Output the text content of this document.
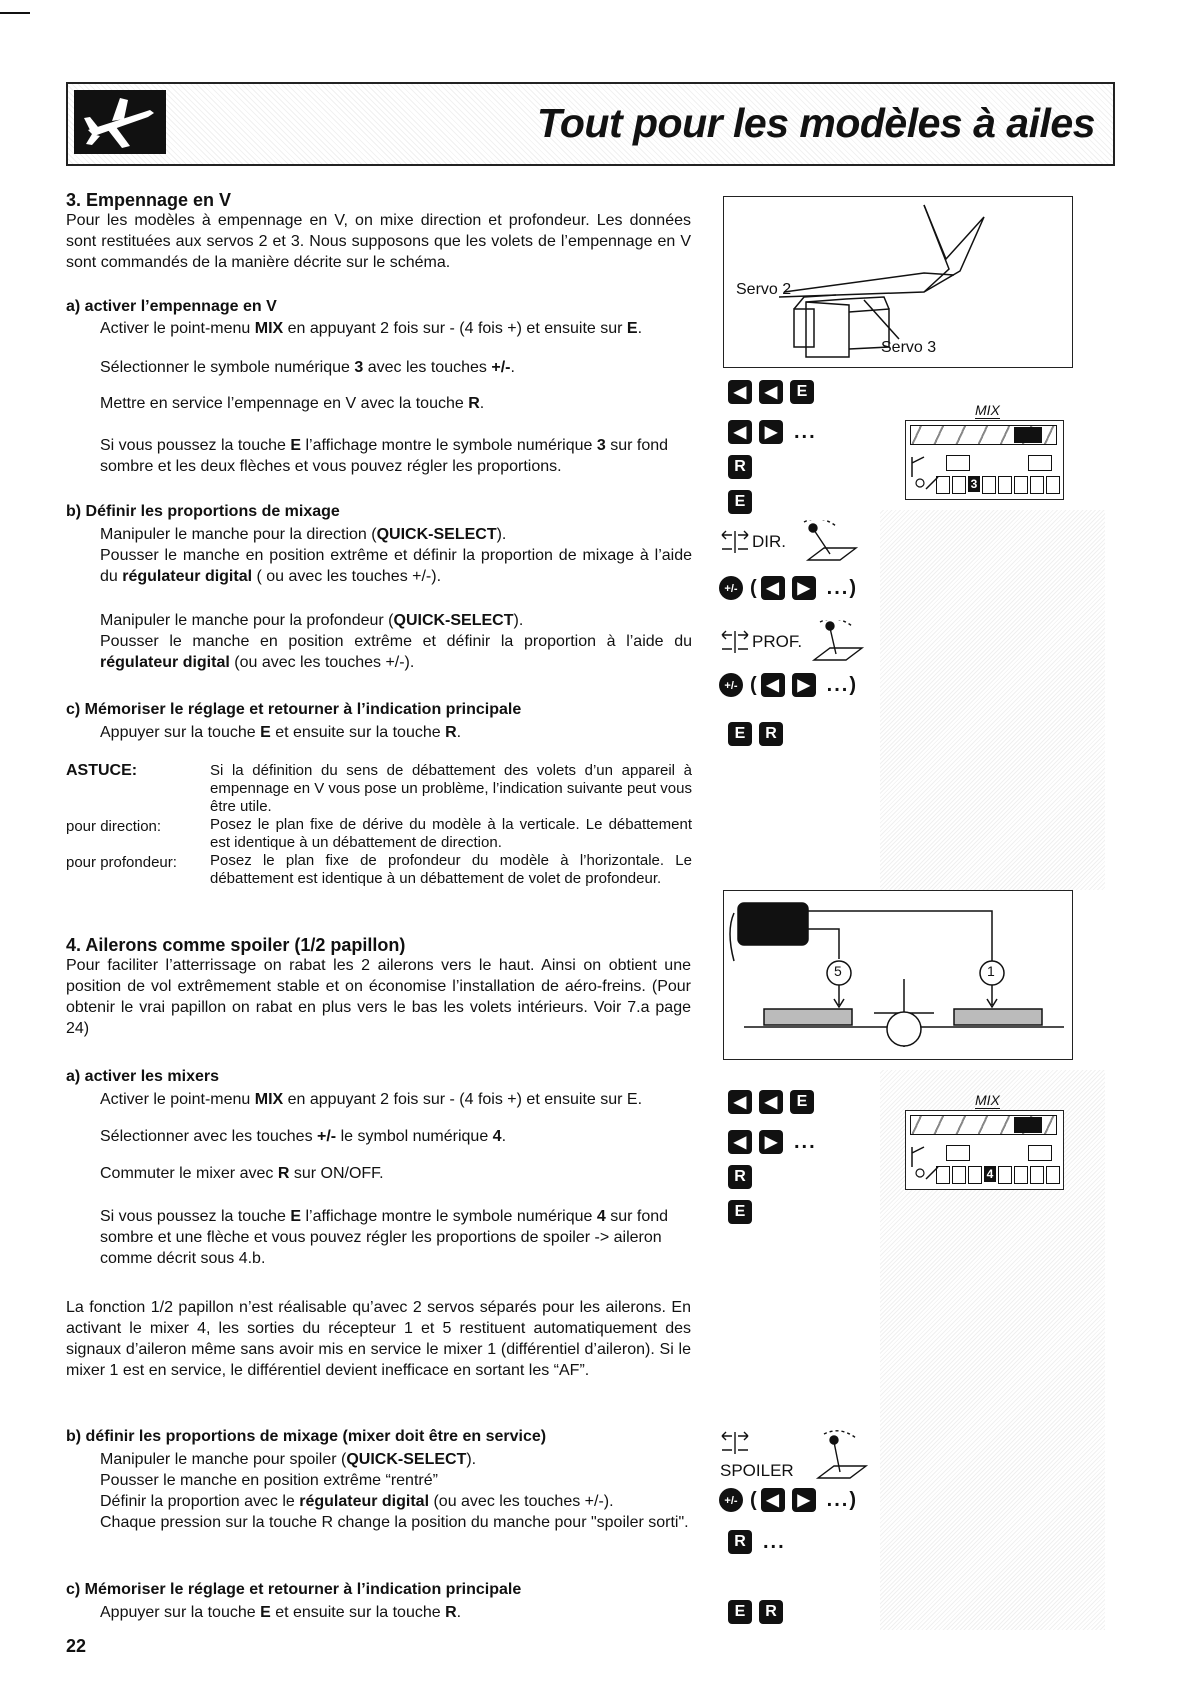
Tout pour les modèles à ailes
3. Empennage en V
Pour les modèles à empennage en V, on mixe direction et profondeur. Les données sont restituées aux servos 2 et 3. Nous supposons que les volets de l’empennage en V sont commandés de la manière décrite sur le schéma.
a) activer l’empennage en V
Activer le point-menu MIX en appuyant 2 fois sur - (4 fois +) et ensuite sur E.
Sélectionner le symbole numérique 3 avec les touches +/-.
Mettre en service l’empennage en V avec la touche R.
Si vous poussez la touche E l’affichage montre le symbole numérique 3 sur fond sombre et les deux flèches et vous pouvez régler les proportions.
b) Définir les proportions de mixage
Manipuler le manche pour la direction (QUICK-SELECT).
Pousser le manche en position extrême et définir la proportion de mixage à l’aide du régulateur digital ( ou avec les touches +/-).
Manipuler le manche pour la profondeur (QUICK-SELECT).
Pousser le manche en position extrême et définir la proportion à l’aide du régulateur digital (ou avec les touches +/-).
c) Mémoriser le réglage et retourner à l’indication principale
Appuyer sur la touche E et ensuite sur la touche R.
ASTUCE:	Si la définition du sens de débattement des volets d’un appareil à empennage en V vous pose un problème, l’indication suivante peut vous être utile.
pour direction:	Posez le plan fixe de dérive du modèle à la verticale. Le débattement est identique à un débattement de direction.
pour profondeur: Posez le plan fixe de profondeur du modèle à l’horizontale. Le débattement est identique à un débattement de volet de profondeur.
4. Ailerons comme spoiler (1/2 papillon)
Pour faciliter l’atterrissage on rabat les 2 ailerons vers le haut. Ainsi on obtient une position de vol extrêmement stable et on économise l’installation de aéro-freins. (Pour obtenir le vrai papillon on rabat en plus vers le bas les volets intérieurs. Voir 7.a page 24)
a) activer les mixers
Activer le point-menu MIX en appuyant 2 fois sur - (4 fois +) et ensuite sur E.
Sélectionner avec les touches +/- le symbol numérique 4.
Commuter le mixer avec R sur ON/OFF.
Si vous poussez la touche E l’affichage montre le symbole numérique 4 sur fond sombre et une flèche et vous pouvez régler les proportions de spoiler -> aileron comme décrit sous 4.b.
La fonction 1/2 papillon n’est réalisable qu’avec 2 servos séparés pour les ailerons. En activant le mixer 4, les sorties du récepteur 1 et 5 restituent automatiquement des signaux d’aileron même sans avoir mis en service le mixer 1 (différentiel d’aileron). Si le mixer 1 est en service, le différentiel devient inefficace en sortant les “AF”.
b) définir les proportions de mixage (mixer doit être en service)
Manipuler le manche pour spoiler (QUICK-SELECT).
Pousser le manche en position extrême “rentré”
Définir la proportion avec le régulateur digital (ou avec les touches +/-).
Chaque pression sur la touche R change la position du manche pour "spoiler sorti".
c) Mémoriser le réglage et retourner à l’indication principale
Appuyer sur la touche E et ensuite sur la touche R.
22
Servo 2
Servo 3
◀	◀	E
◀	▶ ...
R
E
MIX
3
DIR.
+/- ( ◀	▶ ... )
PROF.
+/- ( ◀	▶ ... )
E	R
5	1
◀	◀	E
◀	▶ ...
R
E
MIX
4
SPOILER
+/- ( ◀	▶ ... )
R ...
E	R
